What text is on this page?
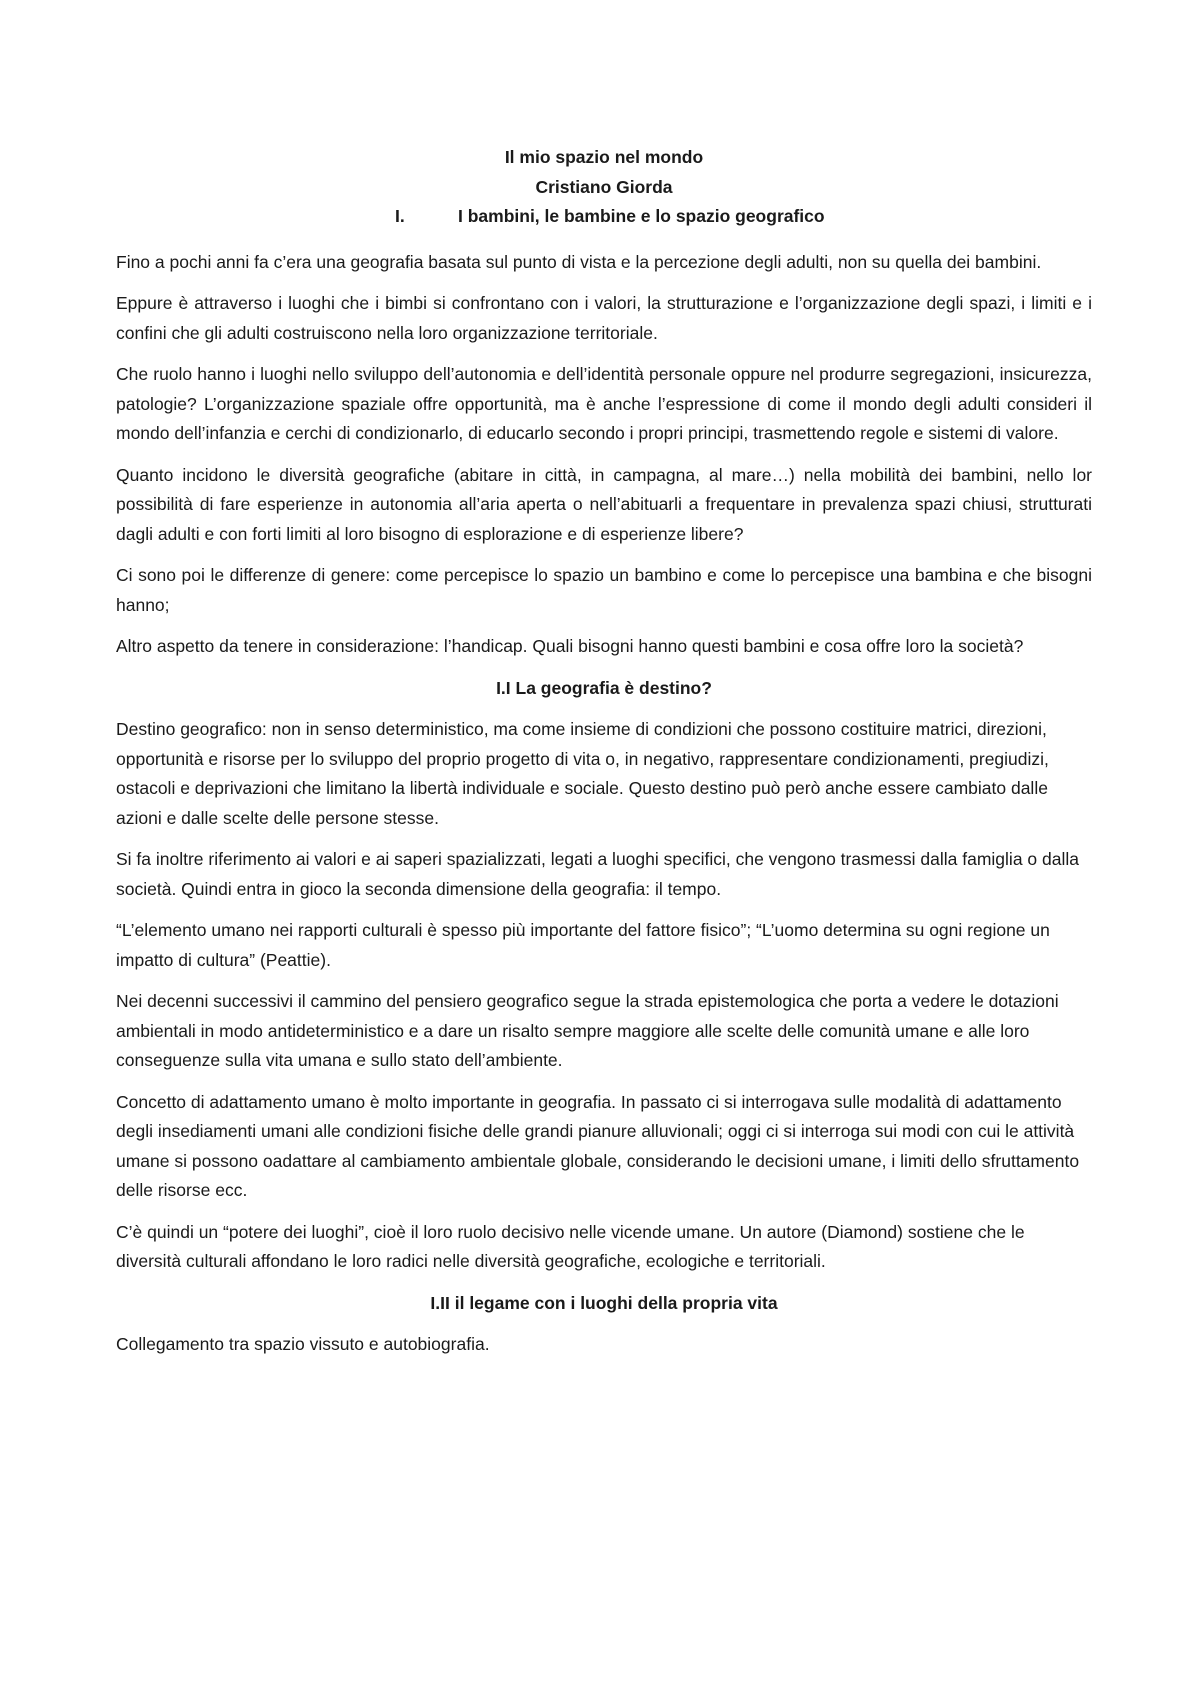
Il mio spazio nel mondo

Cristiano Giorda

I.	I bambini, le bambine e lo spazio geografico

Fino a pochi anni fa c’era una geografia basata sul punto di vista e la percezione degli adulti, non su quella dei bambini.

Eppure è attraverso i luoghi che i bimbi si confrontano con i valori, la strutturazione e l’organizzazione degli spazi, i limiti e i confini che gli adulti costruiscono nella loro organizzazione territoriale.

Che ruolo hanno i luoghi nello sviluppo dell’autonomia e dell’identità personale oppure nel produrre segregazioni, insicurezza, patologie? L’organizzazione spaziale offre opportunità, ma è anche l’espressione di come il mondo degli adulti consideri il mondo dell’infanzia e cerchi di condizionarlo, di educarlo secondo i propri principi, trasmettendo regole e sistemi di valore.

Quanto incidono le diversità geografiche (abitare in città, in campagna, al mare…) nella mobilità dei bambini, nello lor possibilità di fare esperienze in autonomia all’aria aperta o nell’abituarli a frequentare in prevalenza spazi chiusi, strutturati dagli adulti e con forti limiti al loro bisogno di esplorazione e di esperienze libere?

Ci sono poi le differenze di genere: come percepisce lo spazio un bambino e come lo percepisce una bambina e che bisogni hanno;

Altro aspetto da tenere in considerazione: l’handicap. Quali bisogni hanno questi bambini e cosa offre loro la società?

I.I La geografia è destino?

Destino geografico: non in senso deterministico, ma come insieme di condizioni che possono costituire matrici, direzioni, opportunità e risorse per lo sviluppo del proprio progetto di vita o, in negativo, rappresentare condizionamenti, pregiudizi, ostacoli e deprivazioni che limitano la libertà individuale e sociale. Questo destino può però anche essere cambiato dalle azioni e dalle scelte delle persone stesse.

Si fa inoltre riferimento ai valori e ai saperi spazializzati, legati a luoghi specifici, che vengono trasmessi dalla famiglia o dalla società. Quindi entra in gioco la seconda dimensione della geografia: il tempo.

“L’elemento umano nei rapporti culturali è spesso più importante del fattore fisico”; “L’uomo determina su ogni regione un impatto di cultura” (Peattie).

Nei decenni successivi il cammino del pensiero geografico segue la strada epistemologica che porta a vedere le dotazioni ambientali in modo antideterministico e a dare un risalto sempre maggiore alle scelte delle comunità umane e alle loro conseguenze sulla vita umana e sullo stato dell’ambiente.

Concetto di adattamento umano è molto importante in geografia. In passato ci si interrogava sulle modalità di adattamento degli insediamenti umani alle condizioni fisiche delle grandi pianure alluvionali; oggi ci si interroga sui modi con cui le attività umane si possono oadattare al cambiamento ambientale globale, considerando le decisioni umane, i limiti dello sfruttamento delle risorse ecc.

C’è quindi un “potere dei luoghi”, cioè il loro ruolo decisivo nelle vicende umane. Un autore (Diamond) sostiene che le diversità culturali affondano le loro radici nelle diversità geografiche, ecologiche e territoriali.

I.II il legame con i luoghi della propria vita

Collegamento tra spazio vissuto e autobiografia.
